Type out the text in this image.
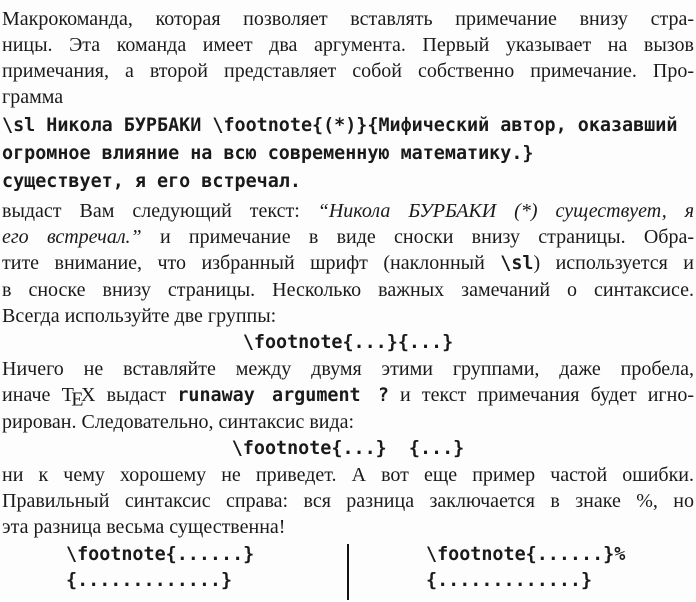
Макрокоманда, которая позволяет вставлять примечание внизу стра-
ницы. Эта команда имеет два аргумента. Первый указывает на вызов
примечания, а второй представляет собой собственно примечание. Про-
грамма
\sl Никола БУРБАКИ \footnote{(*)}{Мифический автор, оказавший
огромное влияние на всю современную математику.}
существует, я его встречал.
выдаст Вам следующий текст: “Никола БУРБАКИ (*) существует, я
его встречал.” и примечание в виде сноски внизу страницы. Обра-
тите внимание, что избранный шрифт (наклонный \sl) используется и
в сноске внизу страницы. Несколько важных замечаний о синтаксисе.
Всегда используйте две группы:
\footnote{...}{...}
Ничего не вставляйте между двумя этими группами, даже пробела,
иначе TEX выдаст runaway argument ? и текст примечания будет игно-
рирован. Следовательно, синтаксис вида:
\footnote{...}  {...}
ни к чему хорошему не приведет. А вот еще пример частой ошибки.
Правильный синтаксис справа: вся разница заключается в знаке %, но
эта разница весьма существенна!
\footnote{......}
{.............}
\footnote{......}%
{.............}
